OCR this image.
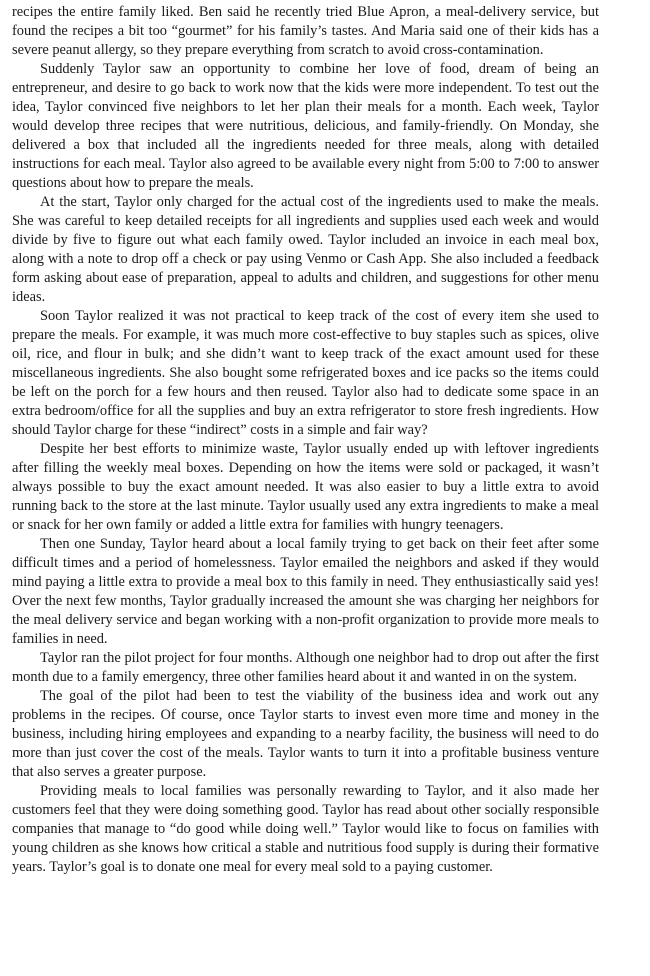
recipes the entire family liked. Ben said he recently tried Blue Apron, a meal-delivery service, but found the recipes a bit too “gourmet” for his family’s tastes. And Maria said one of their kids has a severe peanut allergy, so they prepare everything from scratch to avoid cross-contamination.

Suddenly Taylor saw an opportunity to combine her love of food, dream of being an entrepreneur, and desire to go back to work now that the kids were more independent. To test out the idea, Taylor convinced five neighbors to let her plan their meals for a month. Each week, Taylor would develop three recipes that were nutritious, delicious, and family-friendly. On Monday, she delivered a box that included all the ingredients needed for three meals, along with detailed instructions for each meal. Taylor also agreed to be available every night from 5:00 to 7:00 to answer questions about how to prepare the meals.

At the start, Taylor only charged for the actual cost of the ingredients used to make the meals. She was careful to keep detailed receipts for all ingredients and supplies used each week and would divide by five to figure out what each family owed. Taylor included an invoice in each meal box, along with a note to drop off a check or pay using Venmo or Cash App. She also included a feedback form asking about ease of preparation, appeal to adults and children, and suggestions for other menu ideas.

Soon Taylor realized it was not practical to keep track of the cost of every item she used to prepare the meals. For example, it was much more cost-effective to buy staples such as spices, olive oil, rice, and flour in bulk; and she didn’t want to keep track of the exact amount used for these miscellaneous ingredients. She also bought some refrigerated boxes and ice packs so the items could be left on the porch for a few hours and then reused. Taylor also had to dedicate some space in an extra bedroom/office for all the supplies and buy an extra refrigerator to store fresh ingredients. How should Taylor charge for these “indirect” costs in a simple and fair way?

Despite her best efforts to minimize waste, Taylor usually ended up with leftover ingredients after filling the weekly meal boxes. Depending on how the items were sold or packaged, it wasn’t always possible to buy the exact amount needed. It was also easier to buy a little extra to avoid running back to the store at the last minute. Taylor usually used any extra ingredients to make a meal or snack for her own family or added a little extra for families with hungry teenagers.

Then one Sunday, Taylor heard about a local family trying to get back on their feet after some difficult times and a period of homelessness. Taylor emailed the neighbors and asked if they would mind paying a little extra to provide a meal box to this family in need. They enthusiastically said yes! Over the next few months, Taylor gradually increased the amount she was charging her neighbors for the meal delivery service and began working with a non-profit organization to provide more meals to families in need.

Taylor ran the pilot project for four months. Although one neighbor had to drop out after the first month due to a family emergency, three other families heard about it and wanted in on the system.

The goal of the pilot had been to test the viability of the business idea and work out any problems in the recipes. Of course, once Taylor starts to invest even more time and money in the business, including hiring employees and expanding to a nearby facility, the business will need to do more than just cover the cost of the meals. Taylor wants to turn it into a profitable business venture that also serves a greater purpose.

Providing meals to local families was personally rewarding to Taylor, and it also made her customers feel that they were doing something good. Taylor has read about other socially responsible companies that manage to “do good while doing well.” Taylor would like to focus on families with young children as she knows how critical a stable and nutritious food supply is during their formative years. Taylor’s goal is to donate one meal for every meal sold to a paying customer.
